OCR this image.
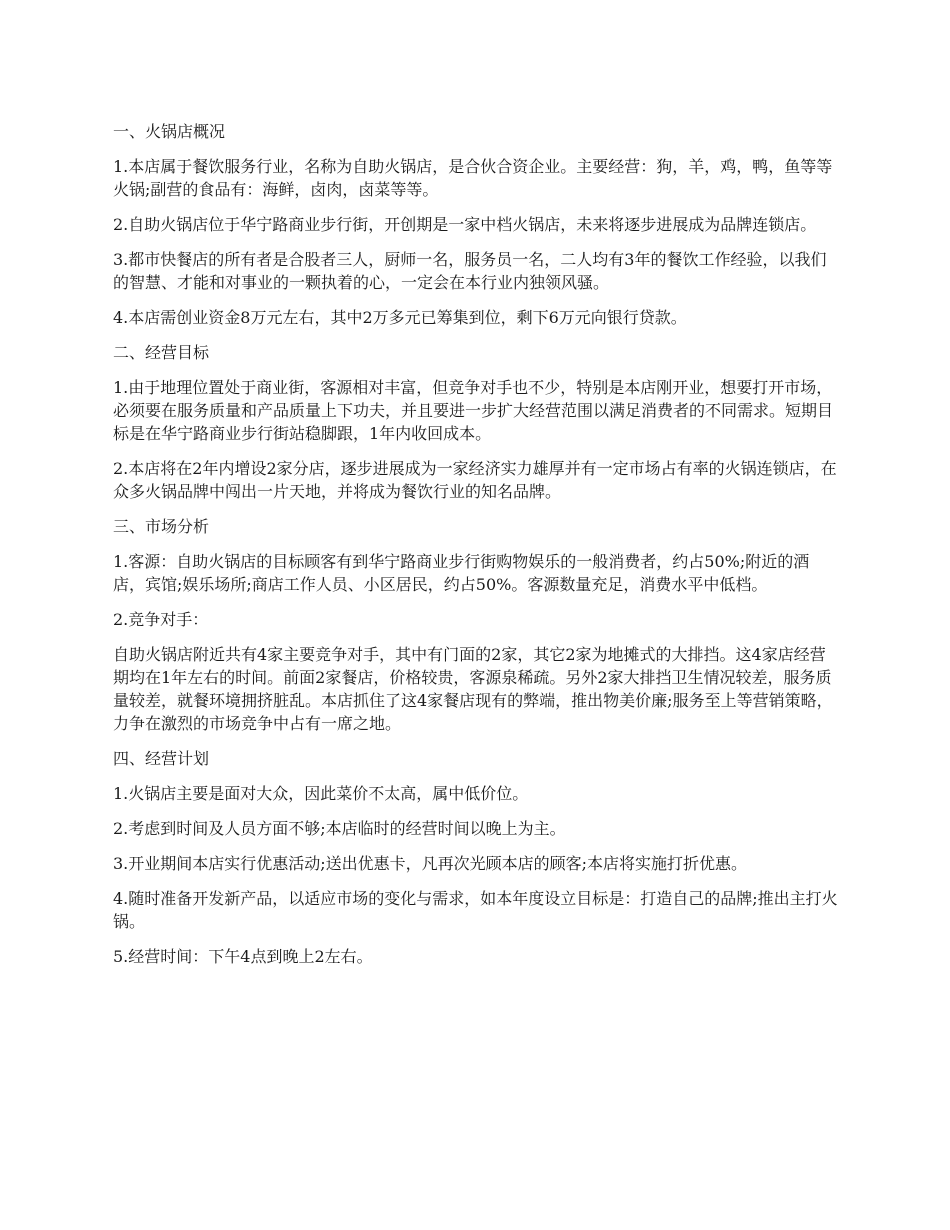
一、火锅店概况

1.本店属于餐饮服务行业，名称为自助火锅店，是合伙合资企业。主要经营：狗，羊，鸡，鸭，鱼等等火锅;副营的食品有：海鲜，卤肉，卤菜等等。

2.自助火锅店位于华宁路商业步行街，开创期是一家中档火锅店，未来将逐步进展成为品牌连锁店。

3.都市快餐店的所有者是合股者三人，厨师一名，服务员一名，二人均有3年的餐饮工作经验，以我们的智慧、才能和对事业的一颗执着的心，一定会在本行业内独领风骚。

4.本店需创业资金8万元左右，其中2万多元已筹集到位，剩下6万元向银行贷款。

二、经营目标

1.由于地理位置处于商业街，客源相对丰富，但竞争对手也不少，特别是本店刚开业，想要打开市场，必须要在服务质量和产品质量上下功夫，并且要进一步扩大经营范围以满足消费者的不同需求。短期目标是在华宁路商业步行街站稳脚跟，1年内收回成本。

2.本店将在2年内增设2家分店，逐步进展成为一家经济实力雄厚并有一定市场占有率的火锅连锁店，在众多火锅品牌中闯出一片天地，并将成为餐饮行业的知名品牌。

三、市场分析

1.客源：自助火锅店的目标顾客有到华宁路商业步行街购物娱乐的一般消费者，约占50%;附近的酒店，宾馆;娱乐场所;商店工作人员、小区居民，约占50%。客源数量充足，消费水平中低档。

2.竞争对手：

自助火锅店附近共有4家主要竞争对手，其中有门面的2家，其它2家为地摊式的大排挡。这4家店经营期均在1年左右的时间。前面2家餐店，价格较贵，客源泉稀疏。另外2家大排挡卫生情况较差，服务质量较差，就餐环境拥挤脏乱。本店抓住了这4家餐店现有的弊端，推出物美价廉;服务至上等营销策略，力争在激烈的市场竞争中占有一席之地。

四、经营计划

1.火锅店主要是面对大众，因此菜价不太高，属中低价位。

2.考虑到时间及人员方面不够;本店临时的经营时间以晚上为主。

3.开业期间本店实行优惠活动;送出优惠卡，凡再次光顾本店的顾客;本店将实施打折优惠。

4.随时准备开发新产品，以适应市场的变化与需求，如本年度设立目标是：打造自己的品牌;推出主打火锅。

5.经营时间：下午4点到晚上2左右。
